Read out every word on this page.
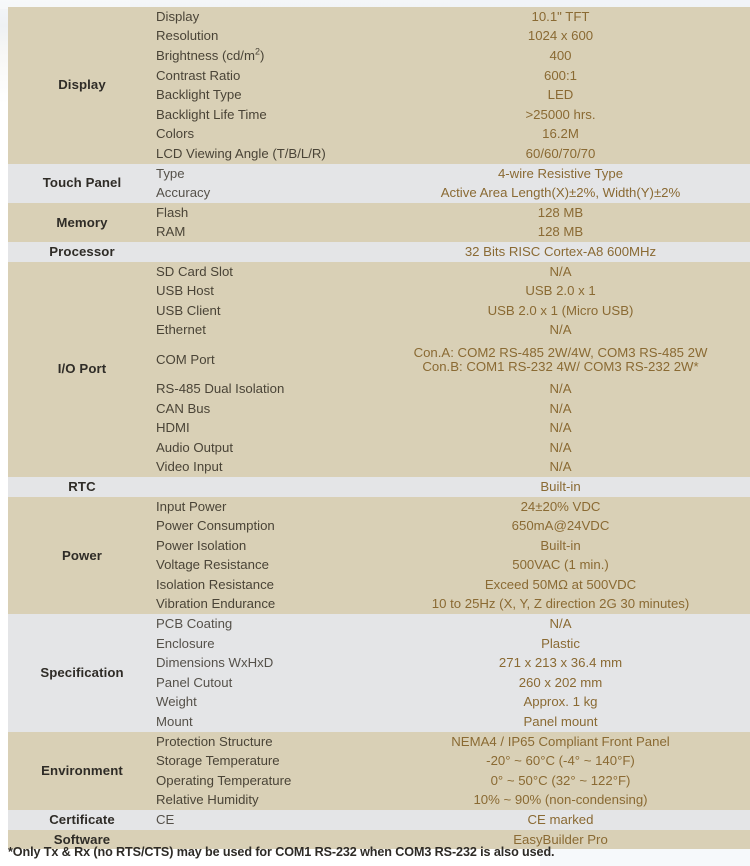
Display	Display	10.1" TFT
	Resolution	1024 x 600
	Brightness $(cd/m^2)$	400
	Contrast Ratio	600:1
	Backlight Type	LED
	Backlight Life Time	>25000 hrs.
	Colors	16.2M
	LCD Viewing Angle (T/B/L/R)	60/60/70/70
Touch Panel	Type	4-wire Resistive Type
	Accuracy	Active Area Length(X)±2%, Width(Y)±2%
Memory	Flash	128 MB
	RAM	128 MB
Processor		32 Bits RISC Cortex-A8 600MHz
I/O Port	SD Card Slot	N/A
	USB Host	USB 2.0 x 1
	USB Client	USB 2.0 x 1 (Micro USB)
	Ethernet	N/A
	COM Port	Con.A: COM2 RS-485 2W/4W, COM3 RS-485 2W
Con.B: COM1 RS-232 4W/ COM3 RS-232 2W*

	RS-485 Dual Isolation	N/A
	CAN Bus	N/A
	HDMI	N/A
	Audio Output	N/A
	Video Input	N/A
RTC		Built-in
Power	Input Power	24±20% VDC
	Power Consumption	650mA@24VDC
	Power Isolation	Built-in
	Voltage Resistance	500VAC (1 min.)
	Isolation Resistance	Exceed 50MΩ at 500VDC
	Vibration Endurance	10 to 25Hz (X, Y, Z direction 2G 30 minutes)
Specification	PCB Coating	N/A
	Enclosure	Plastic
	Dimensions WxHxD	271 x 213 x 36.4 mm
	Panel Cutout	260 x 202 mm
	Weight	Approx. 1 kg
	Mount	Panel mount
Environment	Protection Structure	NEMA4 / IP65 Compliant Front Panel
	Storage Temperature	-20° ~ 60°C (-4° ~ 140°F)
	Operating Temperature	0° ~ 50°C (32° ~ 122°F)
	Relative Humidity	10% ~ 90% (non-condensing)
Certificate	CE	CE marked
Software		EasyBuilder Pro
*Only Tx & Rx (no RTS/CTS) may be used for COM1 RS-232 when COM3 RS-232 is also used.
